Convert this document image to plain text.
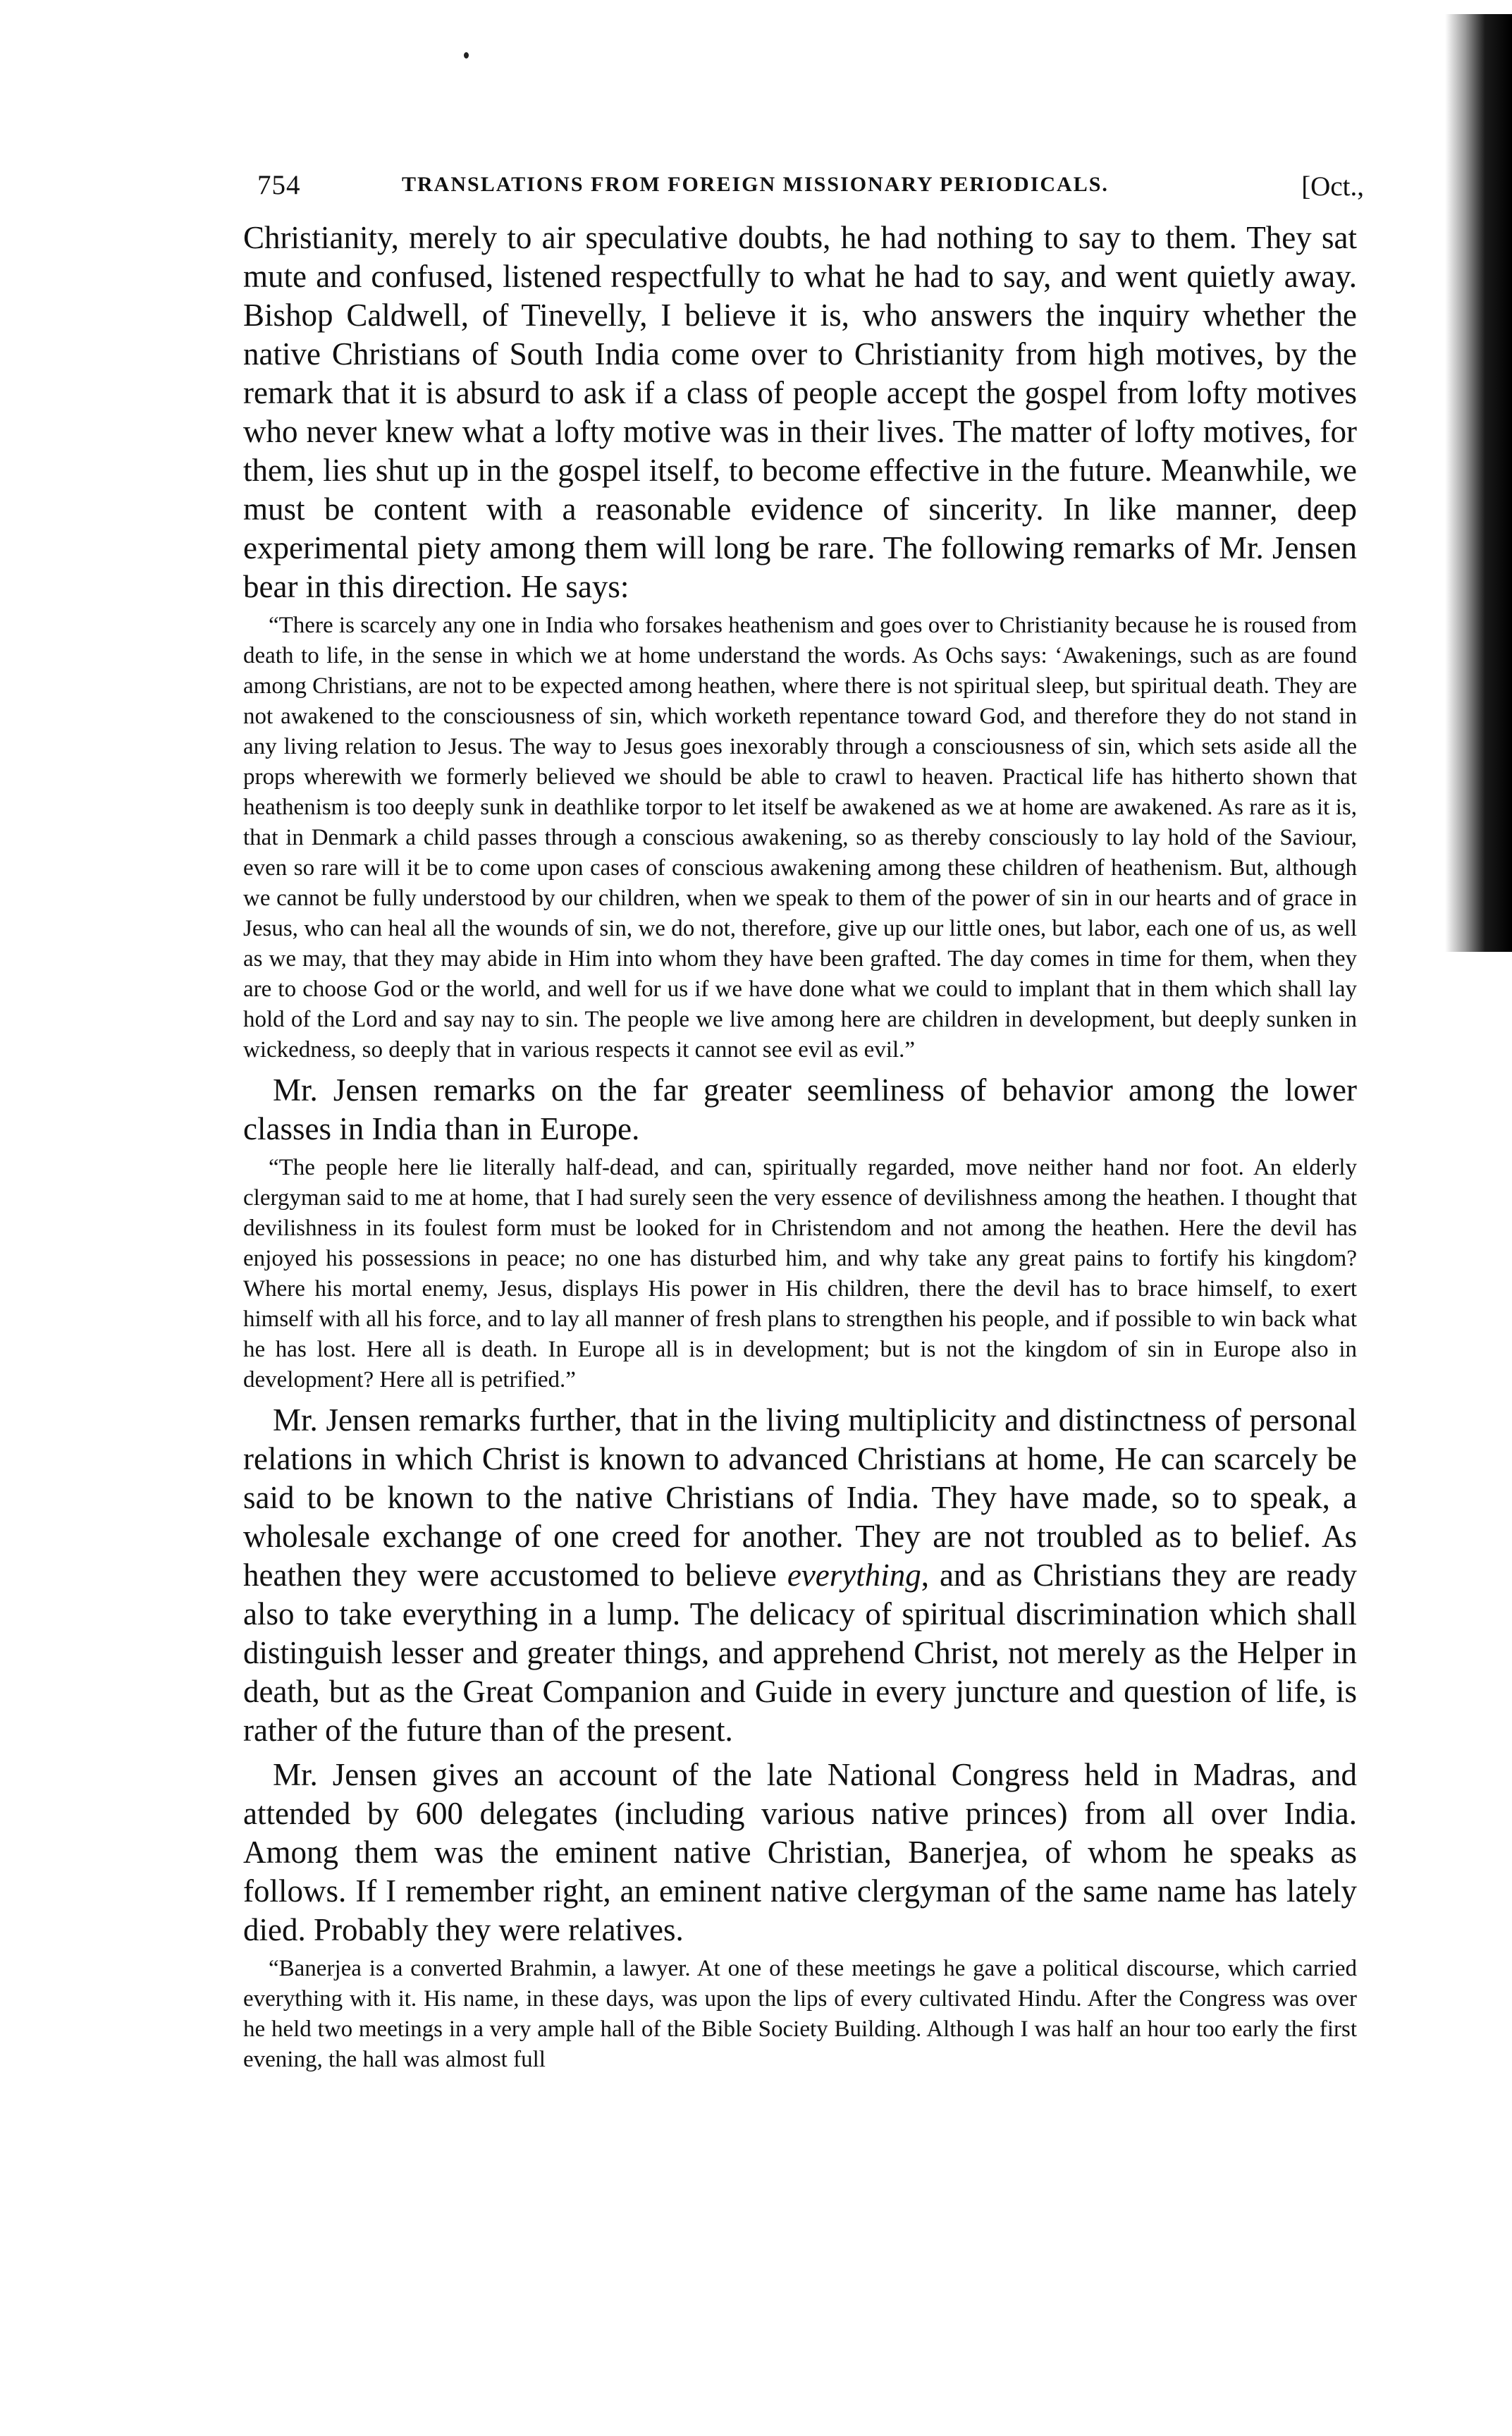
754	TRANSLATIONS FROM FOREIGN MISSIONARY PERIODICALS.	[Oct.,

Christianity, merely to air speculative doubts, he had nothing to say to them. They sat mute and confused, listened respectfully to what he had to say, and went quietly away. Bishop Caldwell, of Tinevelly, I believe it is, who answers the inquiry whether the native Christians of South India come over to Christianity from high motives, by the remark that it is absurd to ask if a class of people accept the gospel from lofty motives who never knew what a lofty motive was in their lives. The matter of lofty motives, for them, lies shut up in the gospel itself, to become effective in the future. Meanwhile, we must be content with a reasonable evidence of sincerity. In like manner, deep experimental piety among them will long be rare. The following remarks of Mr. Jensen bear in this direction. He says:

“There is scarcely any one in India who forsakes heathenism and goes over to Christianity because he is roused from death to life, in the sense in which we at home understand the words. As Ochs says: ‘Awakenings, such as are found among Christians, are not to be expected among heathen, where there is not spiritual sleep, but spiritual death. They are not awakened to the consciousness of sin, which worketh repentance toward God, and therefore they do not stand in any living relation to Jesus. The way to Jesus goes inexorably through a consciousness of sin, which sets aside all the props wherewith we formerly believed we should be able to crawl to heaven. Practical life has hitherto shown that heathenism is too deeply sunk in deathlike torpor to let itself be awakened as we at home are awakened. As rare as it is, that in Denmark a child passes through a conscious awakening, so as thereby consciously to lay hold of the Saviour, even so rare will it be to come upon cases of conscious awakening among these children of heathenism. But, although we cannot be fully understood by our children, when we speak to them of the power of sin in our hearts and of grace in Jesus, who can heal all the wounds of sin, we do not, therefore, give up our little ones, but labor, each one of us, as well as we may, that they may abide in Him into whom they have been grafted. The day comes in time for them, when they are to choose God or the world, and well for us if we have done what we could to implant that in them which shall lay hold of the Lord and say nay to sin. The people we live among here are children in development, but deeply sunken in wickedness, so deeply that in various respects it cannot see evil as evil.”

Mr. Jensen remarks on the far greater seemliness of behavior among the lower classes in India than in Europe.

“The people here lie literally half-dead, and can, spiritually regarded, move neither hand nor foot. An elderly clergyman said to me at home, that I had surely seen the very essence of devilishness among the heathen. I thought that devilishness in its foulest form must be looked for in Christendom and not among the heathen. Here the devil has enjoyed his possessions in peace; no one has disturbed him, and why take any great pains to fortify his kingdom? Where his mortal enemy, Jesus, displays His power in His children, there the devil has to brace himself, to exert himself with all his force, and to lay all manner of fresh plans to strengthen his people, and if possible to win back what he has lost. Here all is death. In Europe all is in development; but is not the kingdom of sin in Europe also in development? Here all is petrified.”

Mr. Jensen remarks further, that in the living multiplicity and distinctness of personal relations in which Christ is known to advanced Christians at home, He can scarcely be said to be known to the native Christians of India. They have made, so to speak, a wholesale exchange of one creed for another. They are not troubled as to belief. As heathen they were accustomed to believe everything, and as Christians they are ready also to take everything in a lump. The delicacy of spiritual discrimination which shall distinguish lesser and greater things, and apprehend Christ, not merely as the Helper in death, but as the Great Companion and Guide in every juncture and question of life, is rather of the future than of the present.

Mr. Jensen gives an account of the late National Congress held in Madras, and attended by 600 delegates (including various native princes) from all over India. Among them was the eminent native Christian, Banerjea, of whom he speaks as follows. If I remember right, an eminent native clergyman of the same name has lately died. Probably they were relatives.

“Banerjea is a converted Brahmin, a lawyer. At one of these meetings he gave a political discourse, which carried everything with it. His name, in these days, was upon the lips of every cultivated Hindu. After the Congress was over he held two meetings in a very ample hall of the Bible Society Building. Although I was half an hour too early the first evening, the hall was almost full
